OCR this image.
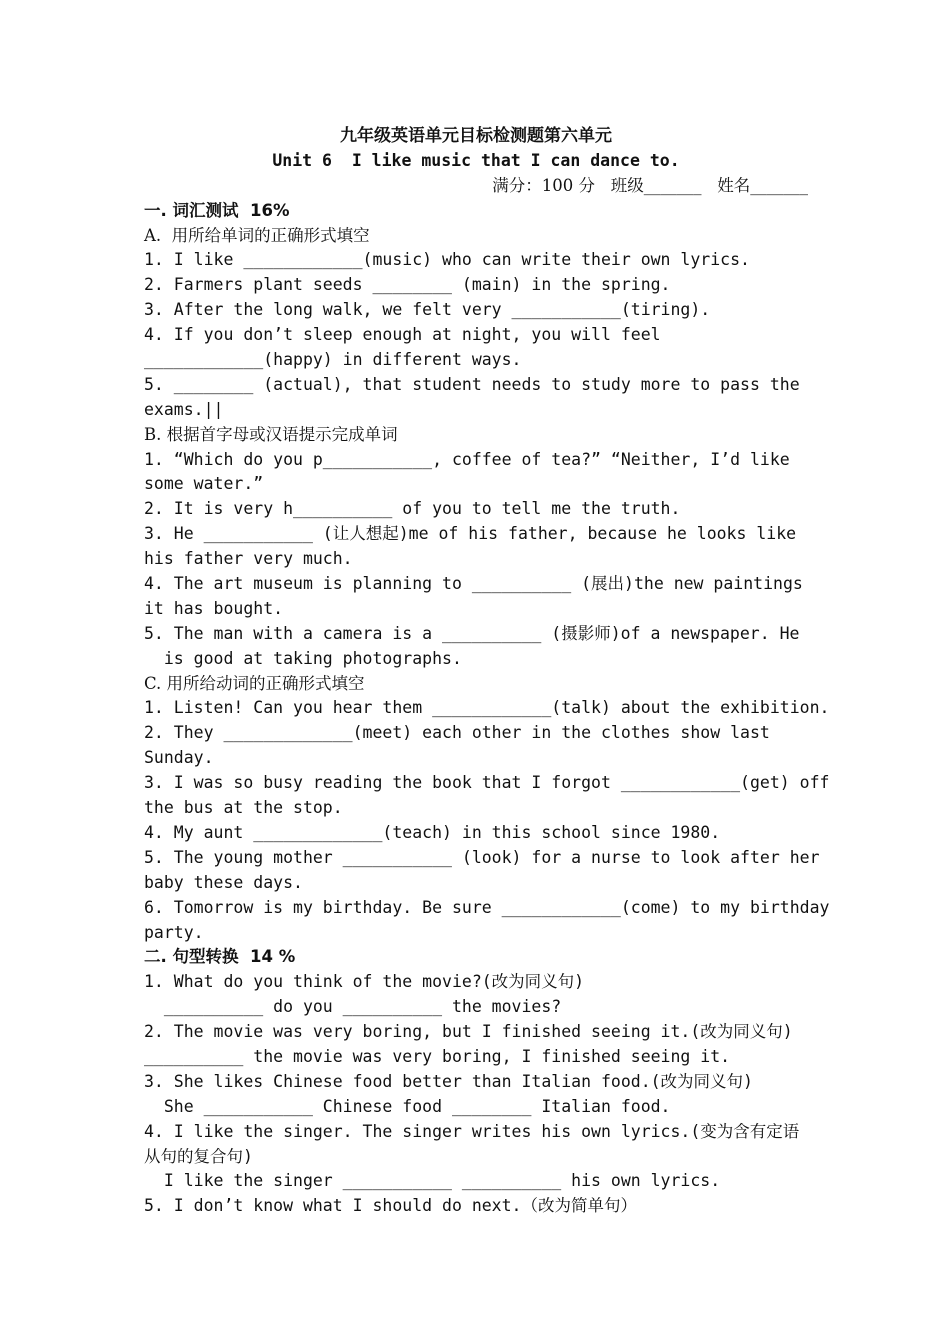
九年级英语单元目标检测题第六单元
Unit 6  I like music that I can dance to.
满分：100 分   班级_______   姓名_______
一. 词汇测试  16%
A.  用所给单词的正确形式填空
1. I like ____________(music) who can write their own lyrics.
2. Farmers plant seeds ________ (main) in the spring.
3. After the long walk, we felt very ___________(tiring).
4. If you don’t sleep enough at night, you will feel
____________(happy) in different ways.
5. ________ (actual), that student needs to study more to pass the
exams.||
B. 根据首字母或汉语提示完成单词
1. “Which do you p___________, coffee of tea?” “Neither, I’d like
some water.”
2. It is very h__________ of you to tell me the truth.
3. He ___________ (让人想起)me of his father, because he looks like
his father very much.
4. The art museum is planning to __________ (展出)the new paintings
it has bought.
5. The man with a camera is a __________ (摄影师)of a newspaper. He
is good at taking photographs.
C. 用所给动词的正确形式填空
1. Listen! Can you hear them ____________(talk) about the exhibition.
2. They _____________(meet) each other in the clothes show last
Sunday.
3. I was so busy reading the book that I forgot ____________(get) off
the bus at the stop.
4. My aunt _____________(teach) in this school since 1980.
5. The young mother ___________ (look) for a nurse to look after her
baby these days.
6. Tomorrow is my birthday. Be sure ____________(come) to my birthday
party.
二. 句型转换  14 %
1. What do you think of the movie?(改为同义句)
__________ do you __________ the movies?
2. The movie was very boring, but I finished seeing it.(改为同义句)
__________ the movie was very boring, I finished seeing it.
3. She likes Chinese food better than Italian food.(改为同义句)
She ___________ Chinese food ________ Italian food.
4. I like the singer. The singer writes his own lyrics.(变为含有定语
从句的复合句)
I like the singer ___________ __________ his own lyrics.
5. I don’t know what I should do next.（改为简单句）
